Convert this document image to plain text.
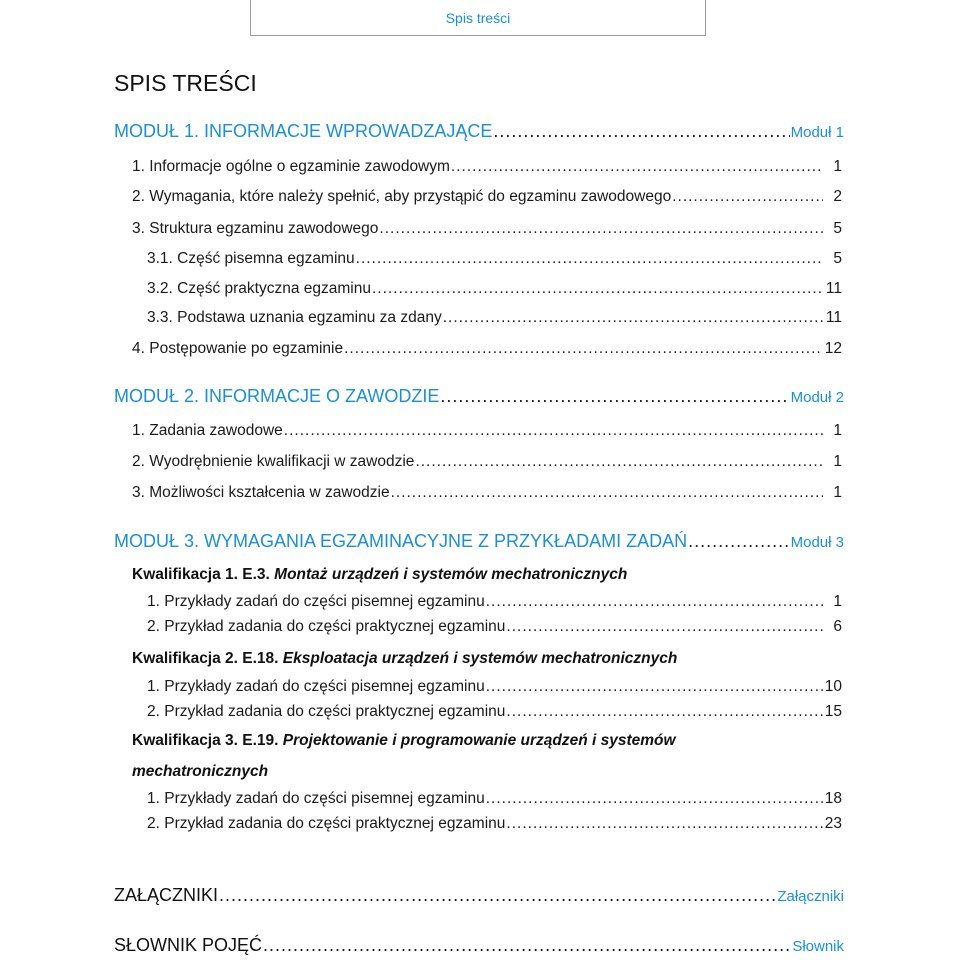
Spis treści
SPIS TREŚCI
MODUŁ 1. INFORMACJE WPROWADZAJĄCE .....	Moduł 1
1. Informacje ogólne o egzaminie zawodowym .....	1
2. Wymagania, które należy spełnić, aby przystąpić do egzaminu zawodowego .....	2
3. Struktura egzaminu zawodowego .....	5
3.1. Część pisemna egzaminu .....	5
3.2. Część praktyczna egzaminu .....	11
3.3. Podstawa uznania egzaminu za zdany .....	11
4. Postępowanie po egzaminie .....	12
MODUŁ 2. INFORMACJE O ZAWODZIE .....	Moduł 2
1. Zadania zawodowe .....	1
2. Wyodrębnienie kwalifikacji w zawodzie .....	1
3. Możliwości kształcenia w zawodzie .....	1
MODUŁ 3. WYMAGANIA EGZAMINACYJNE Z PRZYKŁADAMI ZADAŃ .....	Moduł 3
Kwalifikacja 1. E.3. Montaż urządzeń i systemów mechatronicznych
1. Przykłady zadań do części pisemnej egzaminu .....	1
2. Przykład zadania do części praktycznej egzaminu .....	6
Kwalifikacja 2. E.18. Eksploatacja urządzeń i systemów mechatronicznych
1. Przykłady zadań do części pisemnej egzaminu .....	10
2. Przykład zadania do części praktycznej egzaminu .....	15
Kwalifikacja 3. E.19. Projektowanie i programowanie urządzeń i systemów
mechatronicznych
1. Przykłady zadań do części pisemnej egzaminu .....	18
2. Przykład zadania do części praktycznej egzaminu .....	23
ZAŁĄCZNIKI .....	Załączniki
SŁOWNIK POJĘĆ .....	Słownik
